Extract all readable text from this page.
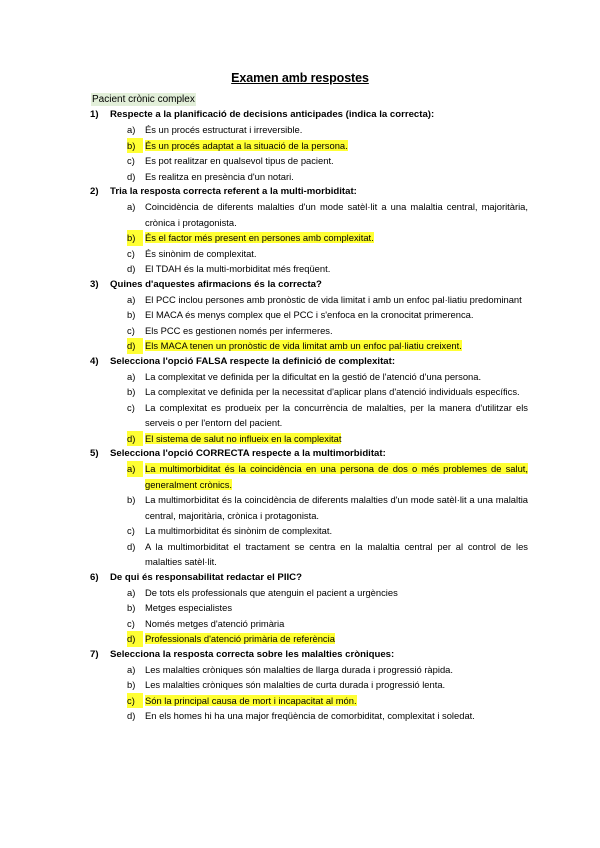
Examen amb respostes
Pacient crònic complex
1)	Respecte a la planificació de decisions anticipades (indica la correcta):
a)	És un procés estructurat i irreversible.
b)	És un procés adaptat a la situació de la persona.
c)	Es pot realitzar en qualsevol tipus de pacient.
d)	Es realitza en presència d'un notari.
2)	Tria la resposta correcta referent a la multi-morbiditat:
a)	Coincidència de diferents malalties d'un mode satèl·lit a una malaltia central, majoritària, crònica i protagonista.
b)	És el factor més present en persones amb complexitat.
c)	És sinònim de complexitat.
d)	El TDAH és la multi-morbiditat més freqüent.
3)	Quines d'aquestes afirmacions és la correcta?
a)	El PCC inclou persones amb pronòstic de vida limitat i amb un enfoc pal·liatiu predominant
b)	El MACA és menys complex que el PCC i s'enfoca en la cronocitat primerenca.
c)	Els PCC es gestionen només per infermeres.
d)	Els MACA tenen un pronòstic de vida limitat amb un enfoc pal·liatiu creixent.
4)	Selecciona l'opció FALSA respecte la definició de complexitat:
a)	La complexitat ve definida per la dificultat en la gestió de l'atenció d'una persona.
b)	La complexitat ve definida per la necessitat d'aplicar plans d'atenció individuals específics.
c)	La complexitat es produeix per la concurrència de malalties, per la manera d'utilitzar els serveis o per l'entorn del pacient.
d)	El sistema de salut no influeix en la complexitat
5)	Selecciona l'opció CORRECTA respecte a la multimorbiditat:
a)	La multimorbiditat és la coincidència en una persona de dos o més problemes de salut, generalment crònics.
b)	La multimorbiditat és la coincidència de diferents malalties d'un mode satèl·lit a una malaltia central, majoritària, crònica i protagonista.
c)	La multimorbiditat és sinònim de complexitat.
d)	A la multimorbiditat el tractament se centra en la malaltia central per al control de les malalties satèl·lit.
6)	De qui és responsabilitat redactar el PIIC?
a)	De tots els professionals que atenguin el pacient a urgències
b)	Metges especialistes
c)	Només metges d'atenció primària
d)	Professionals d'atenció primària de referència
7)	Selecciona la resposta correcta sobre les malalties cròniques:
a)	Les malalties cròniques són malalties de llarga durada i progressió ràpida.
b)	Les malalties cròniques són malalties de curta durada i progressió lenta.
c)	Són la principal causa de mort i incapacitat al món.
d)	En els homes hi ha una major freqüència de comorbiditat, complexitat i soledat.
